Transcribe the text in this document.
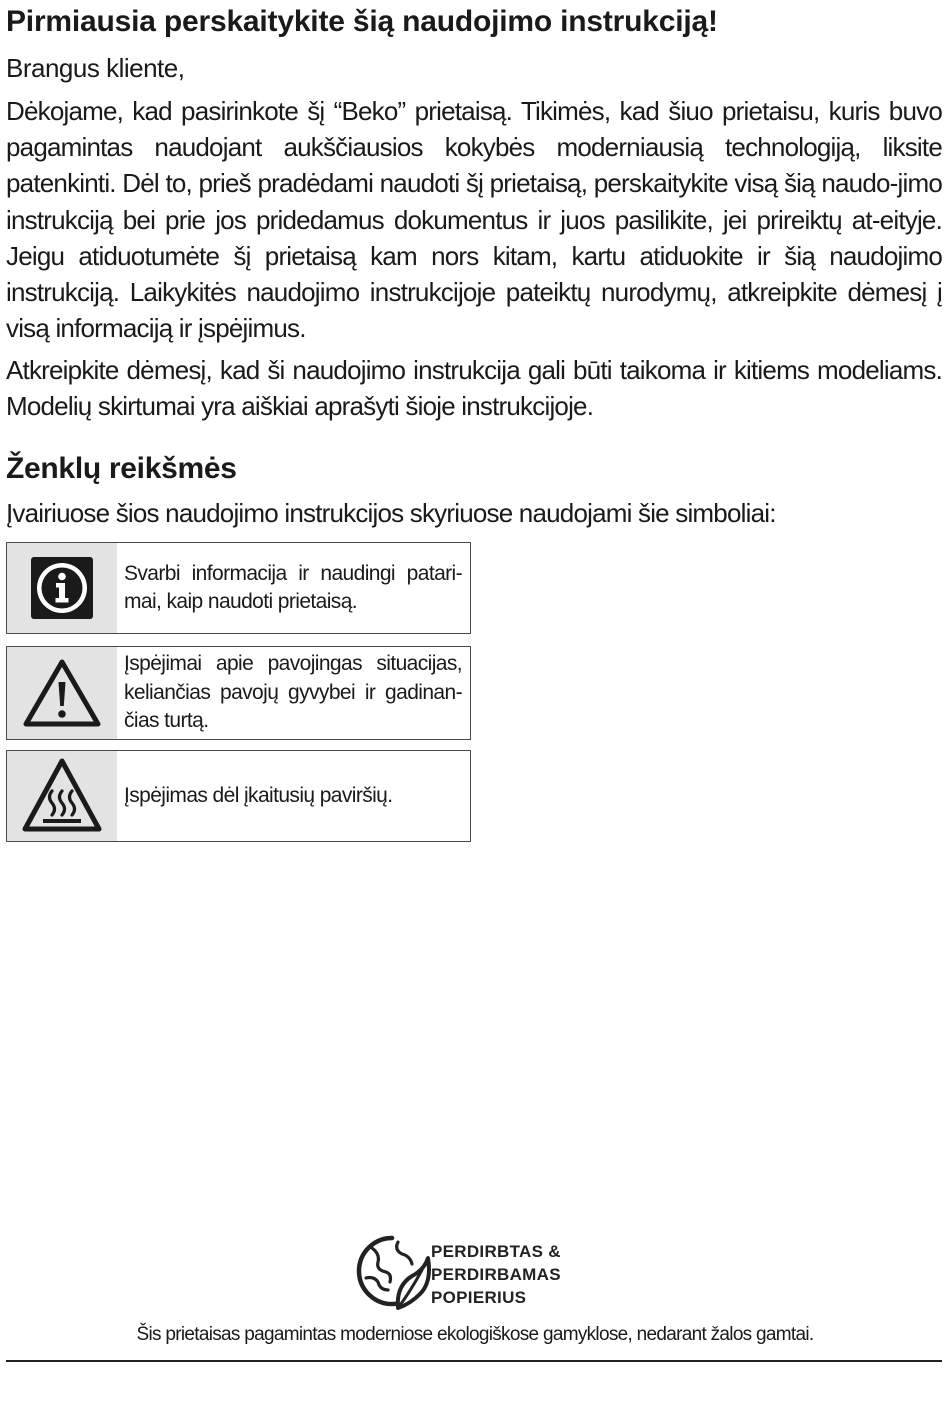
Pirmiausia perskaitykite šią naudojimo instrukciją!

Brangus kliente,

Dėkojame, kad pasirinkote šį “Beko” prietaisą. Tikimės, kad šiuo prietaisu, kuris buvo pagamintas naudojant aukščiausios kokybės moderniausią technologiją, liksite patenkinti. Dėl to, prieš pradėdami naudoti šį prietaisą, perskaitykite visą šią naudo-jimo instrukciją bei prie jos pridedamus dokumentus ir juos pasilikite, jei prireiktų at-eityje. Jeigu atiduotumėte šį prietaisą kam nors kitam, kartu atiduokite ir šią naudojimo instrukciją. Laikykitės naudojimo instrukcijoje pateiktų nurodymų, atkreipkite dėmesį į visą informaciją ir įspėjimus.

Atkreipkite dėmesį, kad ši naudojimo instrukcija gali būti taikoma ir kitiems modeliams. Modelių skirtumai yra aiškiai aprašyti šioje instrukcijoje.

Ženklų reikšmės

Įvairiuose šios naudojimo instrukcijos skyriuose naudojami šie simboliai:

Svarbi informacija ir naudingi patari-mai, kaip naudoti prietaisą.
Įspėjimai apie pavojingas situacijas, keliančias pavojų gyvybei ir gadinan-čias turtą.
Įspėjimas dėl įkaitusių paviršių.
PERDIRBTAS &
PERDIRBAMAS
POPIERIUS

Šis prietaisas pagamintas moderniose ekologiškose gamyklose, nedarant žalos gamtai.
